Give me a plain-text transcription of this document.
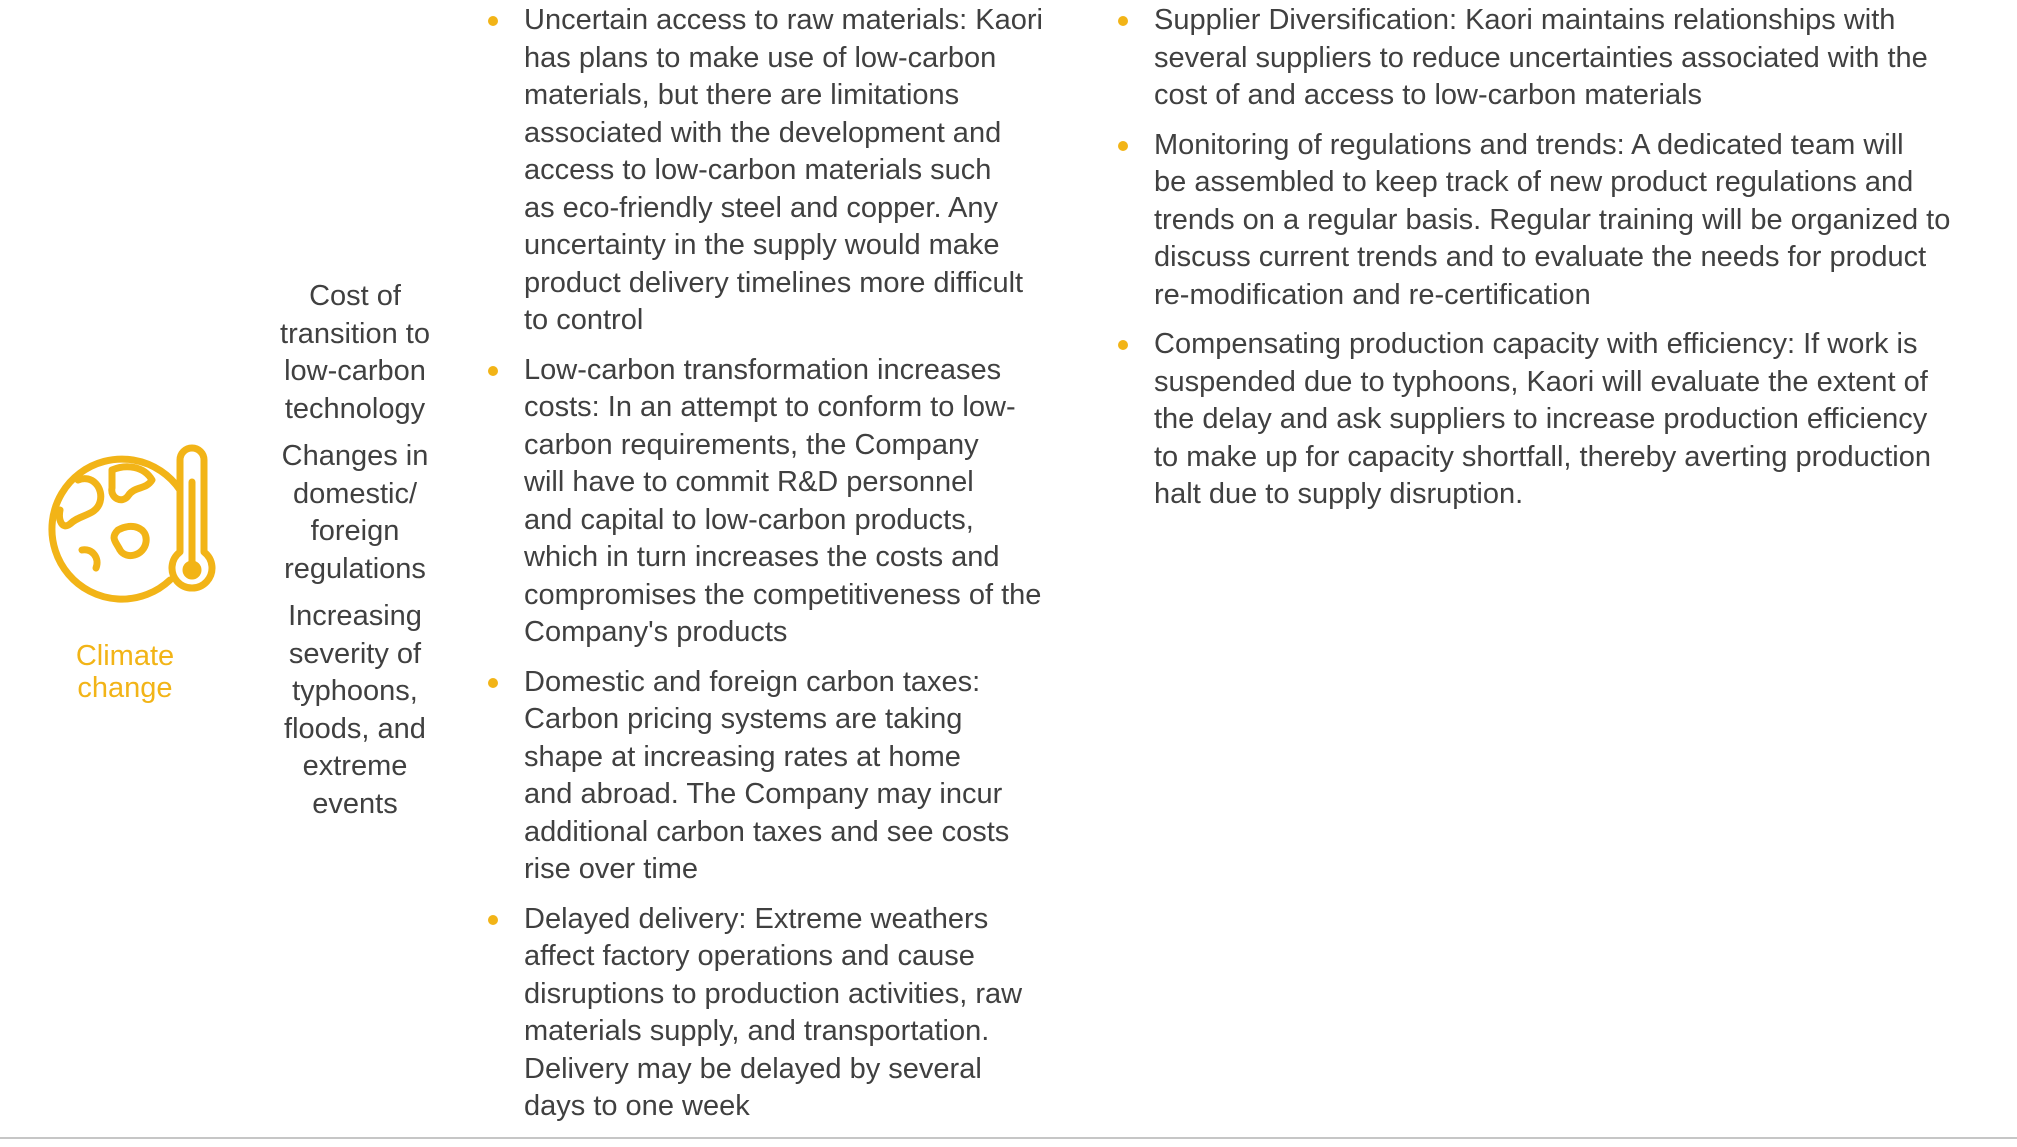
Climate
change
Cost of
transition to
low-carbon
technology
Changes in
domestic/
foreign
regulations
Increasing
severity of
typhoons,
floods, and
extreme
events
Uncertain access to raw materials: Kaori
has plans to make use of low-carbon
materials, but there are limitations
associated with the development and
access to low-carbon materials such
as eco-friendly steel and copper. Any
uncertainty in the supply would make
product delivery timelines more difficult
to control
Low-carbon transformation increases
costs: In an attempt to conform to low-
carbon requirements, the Company
will have to commit R&D personnel
and capital to low-carbon products,
which in turn increases the costs and
compromises the competitiveness of the
Company's products
Domestic and foreign carbon taxes:
Carbon pricing systems are taking
shape at increasing rates at home
and abroad. The Company may incur
additional carbon taxes and see costs
rise over time
Delayed delivery: Extreme weathers
affect factory operations and cause
disruptions to production activities, raw
materials supply, and transportation.
Delivery may be delayed by several
days to one week
Supplier Diversification: Kaori maintains relationships with
several suppliers to reduce uncertainties associated with the
cost of and access to low-carbon materials
Monitoring of regulations and trends: A dedicated team will
be assembled to keep track of new product regulations and
trends on a regular basis. Regular training will be organized to
discuss current trends and to evaluate the needs for product
re-modification and re-certification
Compensating production capacity with efficiency: If work is
suspended due to typhoons, Kaori will evaluate the extent of
the delay and ask suppliers to increase production efficiency
to make up for capacity shortfall, thereby averting production
halt due to supply disruption.
